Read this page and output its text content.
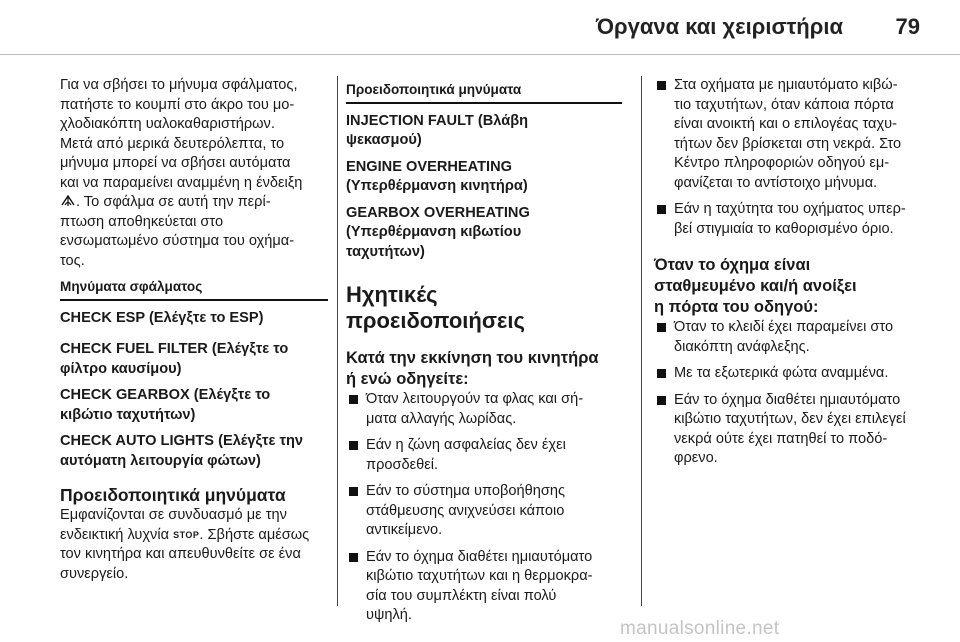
Όργανα και χειριστήρια 79

Για να σβήσει το μήνυμα σφάλματος,
πατήστε το κουμπί στο άκρο του μο-
χλοδιακόπτη υαλοκαθαριστήρων.
Μετά από μερικά δευτερόλεπτα, το
μήνυμα μπορεί να σβήσει αυτόματα
και να παραμείνει αναμμένη η ένδειξη
. Το σφάλμα σε αυτή την περί-
πτωση αποθηκεύεται στο
ενσωματωμένο σύστημα του οχήμα-
τος.

Μηνύματα σφάλματος
CHECK ESP (Ελέγξτε το ESP)
CHECK FUEL FILTER (Ελέγξτε το
φίλτρο καυσίμου)
CHECK GEARBOX (Ελέγξτε το
κιβώτιο ταχυτήτων)
CHECK AUTO LIGHTS (Ελέγξτε την
αυτόματη λειτουργία φώτων)
Προειδοποιητικά μηνύματα

Εμφανίζονται σε συνδυασμό με την
ενδεικτική λυχνία STOP. Σβήστε αμέσως
τον κινητήρα και απευθυνθείτε σε ένα
συνεργείο.

Προειδοποιητικά μηνύματα
INJECTION FAULT (Βλάβη
ψεκασμού)
ENGINE OVERHEATING
(Υπερθέρμανση κινητήρα)
GEARBOX OVERHEATING
(Υπερθέρμανση κιβωτίου
ταχυτήτων)
Ηχητικές προειδοποιήσεις
Κατά την εκκίνηση του κινητήρα
ή ενώ οδηγείτε:
Όταν λειτουργούν τα φλας και σή-
ματα αλλαγής λωρίδας.
Εάν η ζώνη ασφαλείας δεν έχει
προσδεθεί.
Εάν το σύστημα υποβοήθησης
στάθμευσης ανιχνεύσει κάποιο
αντικείμενο.
Εάν το όχημα διαθέτει ημιαυτόματο
κιβώτιο ταχυτήτων και η θερμοκρα-
σία του συμπλέκτη είναι πολύ
υψηλή.
Στα οχήματα με ημιαυτόματο κιβώ-
τιο ταχυτήτων, όταν κάποια πόρτα
είναι ανοικτή και ο επιλογέας ταχυ-
τήτων δεν βρίσκεται στη νεκρά. Στο
Κέντρο πληροφοριών οδηγού εμ-
φανίζεται το αντίστοιχο μήνυμα.
Εάν η ταχύτητα του οχήματος υπερ-
βεί στιγμιαία το καθορισμένο όριο.
Όταν το όχημα είναι
σταθμευμένο και/ή ανοίξει
η πόρτα του οδηγού:
Όταν το κλειδί έχει παραμείνει στο
διακόπτη ανάφλεξης.
Με τα εξωτερικά φώτα αναμμένα.
Εάν το όχημα διαθέτει ημιαυτόματο
κιβώτιο ταχυτήτων, δεν έχει επιλεγεί
νεκρά ούτε έχει πατηθεί το ποδό-
φρενο.
manualsonline.net
